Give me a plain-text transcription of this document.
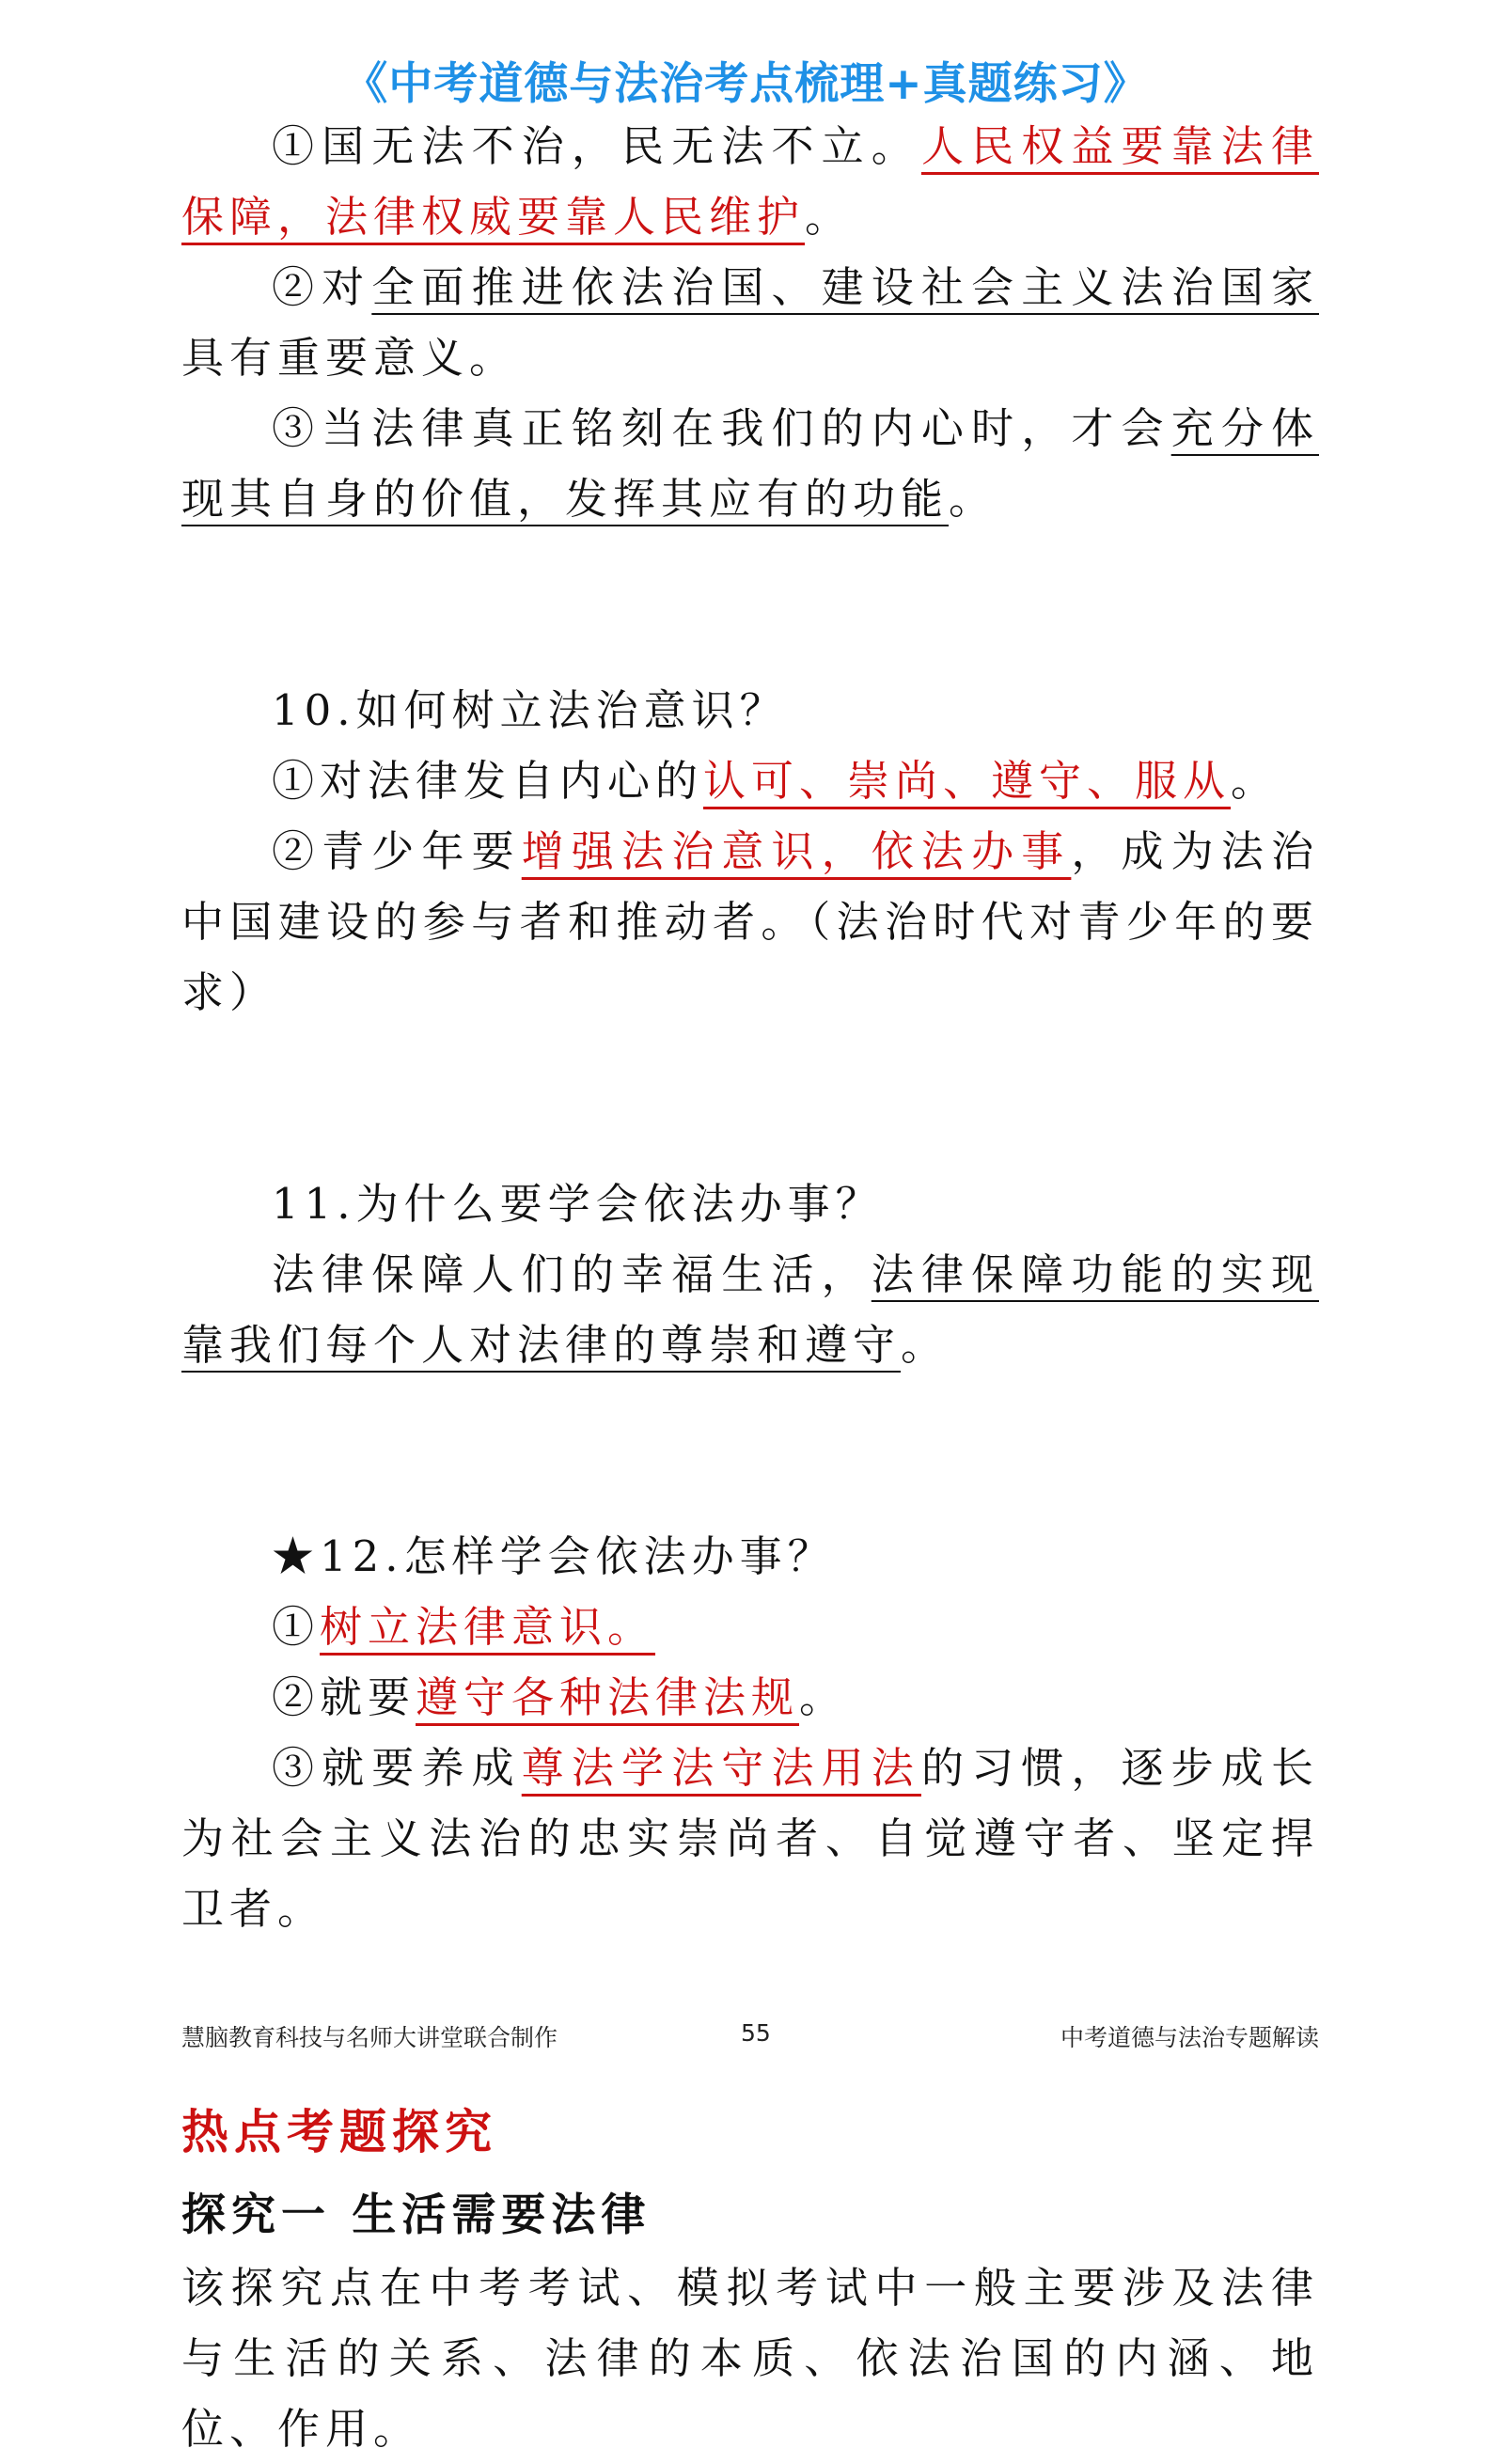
《中考道德与法治考点梳理+真题练习》

①国无法不治，民无法不立。人民权益要靠法律保障，法律权威要靠人民维护。

②对全面推进依法治国、建设社会主义法治国家具有重要意义。

③当法律真正铭刻在我们的内心时，才会充分体现其自身的价值，发挥其应有的功能。

10.如何树立法治意识？

①对法律发自内心的认可、崇尚、遵守、服从。

②青少年要增强法治意识，依法办事，成为法治中国建设的参与者和推动者。（法治时代对青少年的要求）

11.为什么要学会依法办事？

法律保障人们的幸福生活，法律保障功能的实现靠我们每个人对法律的尊崇和遵守。

★12.怎样学会依法办事？

①树立法律意识。

②就要遵守各种法律法规。

③就要养成尊法学法守法用法的习惯，逐步成长为社会主义法治的忠实崇尚者、自觉遵守者、坚定捍卫者。

热点考题探究

探究一 生活需要法律

该探究点在中考考试、模拟考试中一般主要涉及法律与生活的关系、法律的本质、依法治国的内涵、地位、作用。

慧脑教育科技与名师大讲堂联合制作	55	中考道德与法治专题解读
